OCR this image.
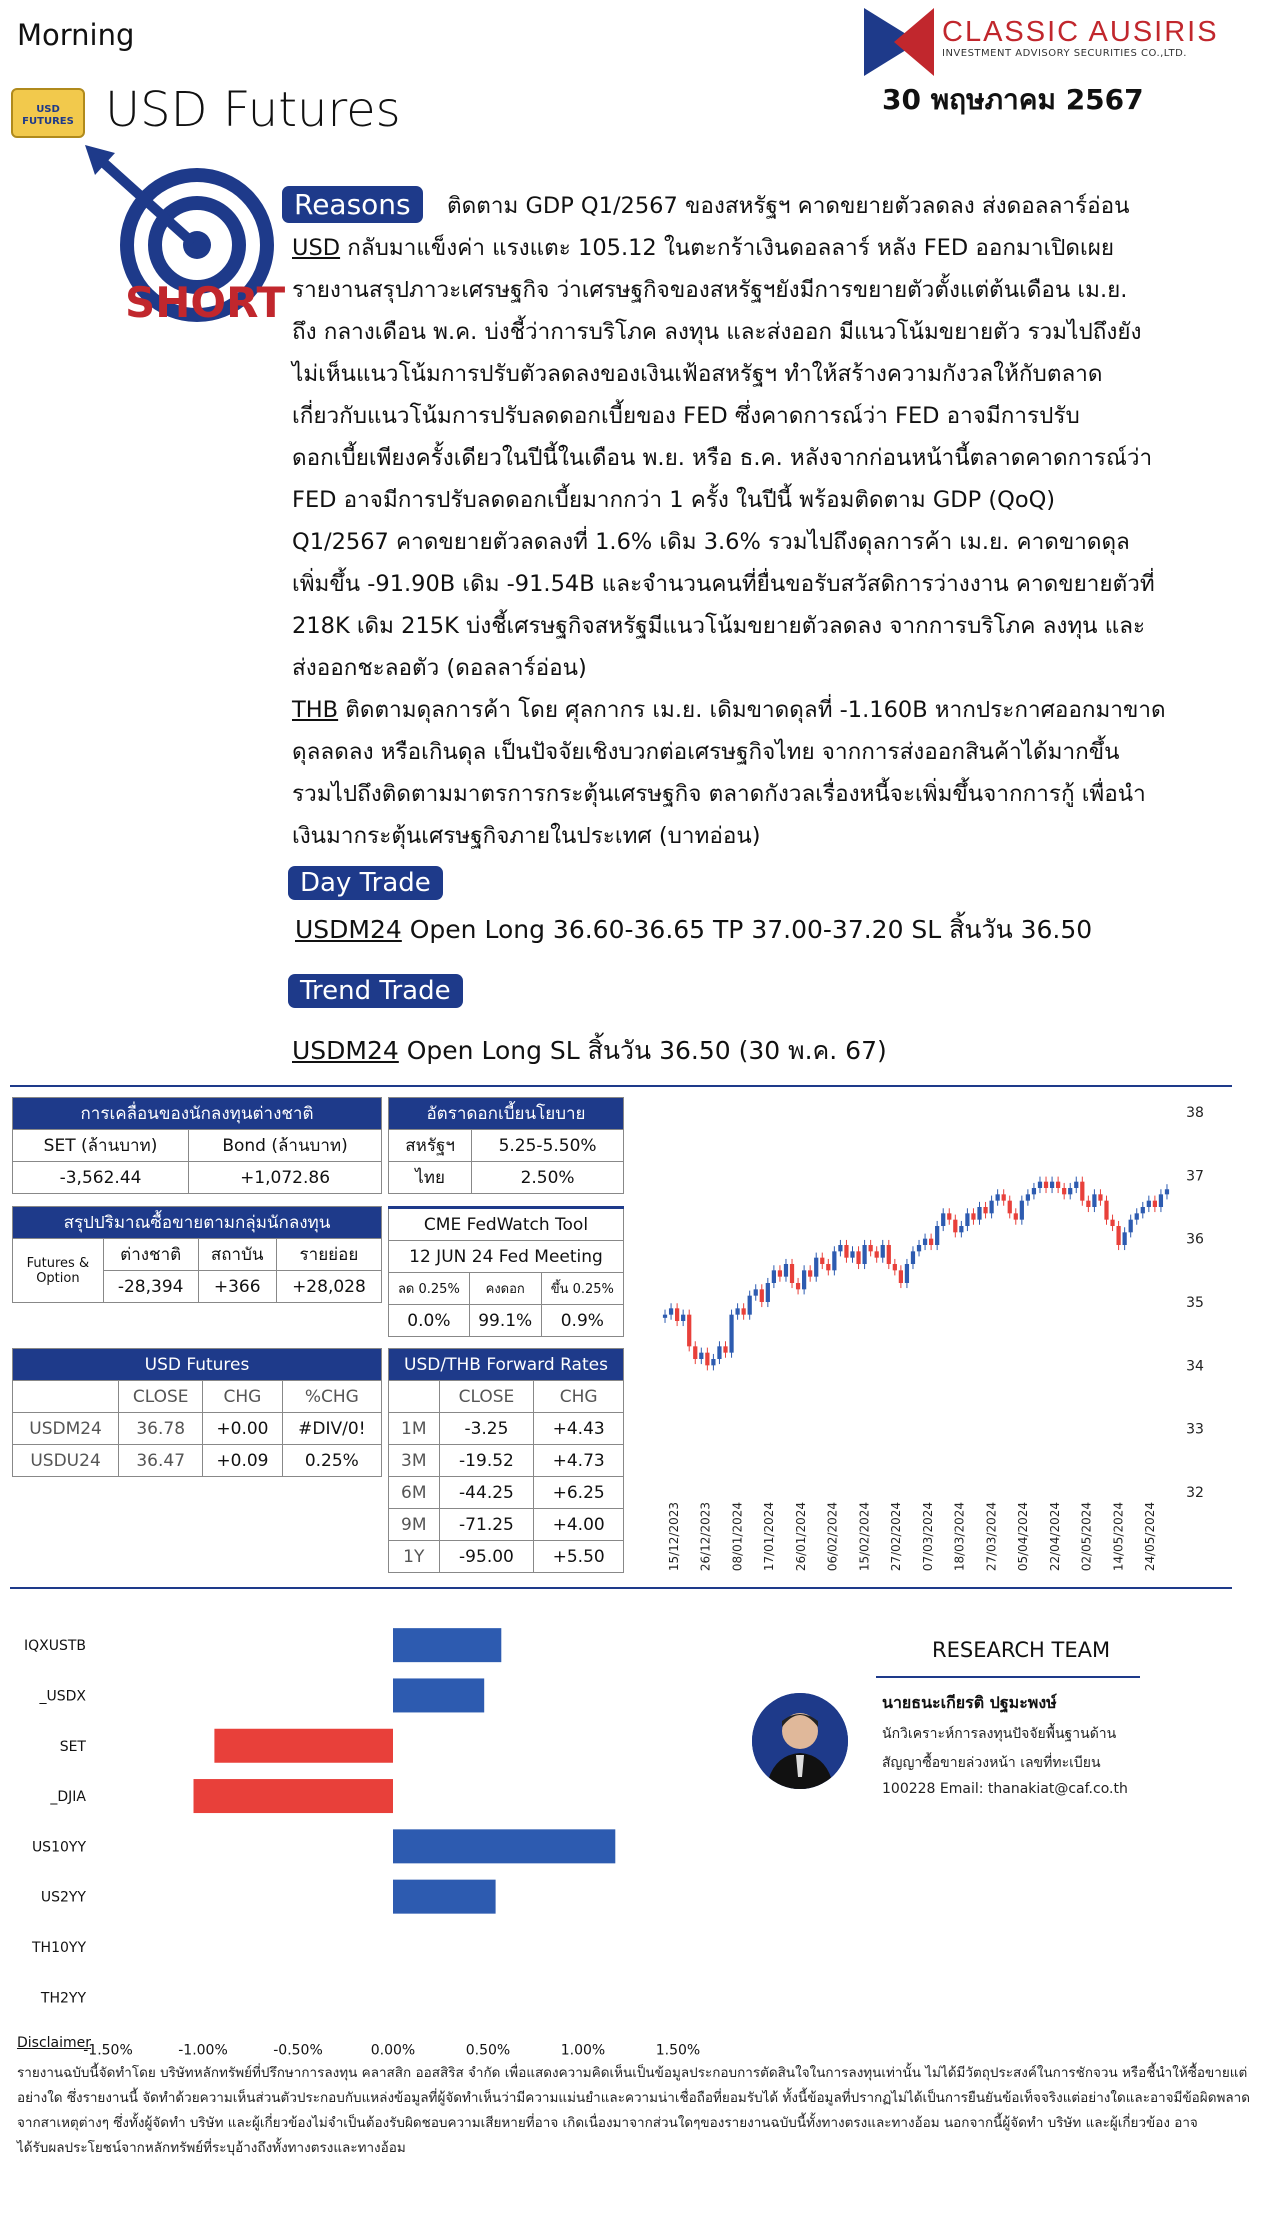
Morning	CLASSIC AUSIRIS
INVESTMENT ADVISORY SECURITIES CO.,LTD.
30 พฤษภาคม 2567
USD FUTURES USD Futures
SHORT
Reasons	ติดตาม GDP Q1/2567 ของสหรัฐฯ คาดขยายตัวลดลง ส่งดอลลาร์อ่อน
USD กลับมาแข็งค่า แรงแตะ 105.12 ในตะกร้าเงินดอลลาร์ หลัง FED ออกมาเปิดเผย
รายงานสรุปภาวะเศรษฐกิจ ว่าเศรษฐกิจของสหรัฐฯยังมีการขยายตัวตั้งแต่ต้นเดือน เม.ย.
ถึง กลางเดือน พ.ค. บ่งชี้ว่าการบริโภค ลงทุน และส่งออก มีแนวโน้มขยายตัว รวมไปถึงยัง
ไม่เห็นแนวโน้มการปรับตัวลดลงของเงินเฟ้อสหรัฐฯ ทำให้สร้างความกังวลให้กับตลาด
เกี่ยวกับแนวโน้มการปรับลดดอกเบี้ยของ FED ซึ่งคาดการณ์ว่า FED อาจมีการปรับ
ดอกเบี้ยเพียงครั้งเดียวในปีนี้ในเดือน พ.ย. หรือ ธ.ค. หลังจากก่อนหน้านี้ตลาดคาดการณ์ว่า
FED อาจมีการปรับลดดอกเบี้ยมากกว่า 1 ครั้ง ในปีนี้ พร้อมติดตาม GDP (QoQ)
Q1/2567 คาดขยายตัวลดลงที่ 1.6% เดิม 3.6% รวมไปถึงดุลการค้า เม.ย. คาดขาดดุล
เพิ่มขึ้น -91.90B เดิม -91.54B และจำนวนคนที่ยื่นขอรับสวัสดิการว่างงาน คาดขยายตัวที่
218K เดิม 215K บ่งชี้เศรษฐกิจสหรัฐมีแนวโน้มขยายตัวลดลง จากการบริโภค ลงทุน และ
ส่งออกชะลอตัว (ดอลลาร์อ่อน)
THB ติดตามดุลการค้า โดย ศุลกากร เม.ย. เดิมขาดดุลที่ -1.160B หากประกาศออกมาขาด
ดุลลดลง หรือเกินดุล เป็นปัจจัยเชิงบวกต่อเศรษฐกิจไทย จากการส่งออกสินค้าได้มากขึ้น
รวมไปถึงติดตามมาตรการกระตุ้นเศรษฐกิจ ตลาดกังวลเรื่องหนี้จะเพิ่มขึ้นจากการกู้ เพื่อนำ
เงินมากระตุ้นเศรษฐกิจภายในประเทศ (บาทอ่อน)
Day Trade
USDM24 Open Long 36.60-36.65 TP 37.00-37.20 SL สิ้นวัน 36.50
Trend Trade
USDM24 Open Long SL สิ้นวัน 36.50 (30 พ.ค. 67)
การเคลื่อนของนักลงทุนต่างชาติ	
SET (ล้านบาท)	Bond (ล้านบาท)
-3,562.44	+1,072.86
อัตราดอกเบี้ยนโยบาย	
สหรัฐฯ	5.25-5.50%
ไทย	2.50%
สรุปปริมาณซื้อขายตามกลุ่มนักลงทุน			
Futures &
Option	ต่างชาติ	สถาบัน	รายย่อย
	-28,394	+366	+28,028
CME FedWatch Tool		
12 JUN 24 Fed Meeting		
ลด 0.25%	คงดอก	ขึ้น 0.25%
0.0%	99.1%	0.9%
USD Futures			
	CLOSE	CHG	%CHG
USDM24	36.78	+0.00	#DIV/0!
USDU24	36.47	+0.09	0.25%
USD/THB Forward Rates		
	CLOSE	CHG
1M	-3.25	+4.43
3M	-19.52	+4.73
6M	-44.25	+6.25
9M	-71.25	+4.00
1Y	-95.00	+5.50
38
37
36
35
34
33
32
15/12/2023 26/12/2023 08/01/2024 17/01/2024 26/01/2024 06/02/2024 15/02/2024 27/02/2024 07/03/2024 18/03/2024 27/03/2024 05/04/2024 22/04/2024 02/05/2024 14/05/2024 24/05/2024
IQXUSTB
_USDX
SET
_DJIA
US10YY
US2YY
TH10YY
TH2YY
-1.50%	-1.00%	-0.50%	0.00%	0.50%	1.00%	1.50%
RESEARCH TEAM
นายธนะเกียรติ ปฐมะพงษ์
นักวิเคราะห์การลงทุนปัจจัยพื้นฐานด้าน
สัญญาซื้อขายล่วงหน้า เลขที่ทะเบียน
100228 Email: thanakiat@caf.co.th
Disclaimer
รายงานฉบับนี้จัดทำโดย บริษัทหลักทรัพย์ที่ปรึกษาการลงทุน คลาสสิก ออสสิริส จำกัด เพื่อแสดงความคิดเห็นเป็นข้อมูลประกอบการตัดสินใจในการลงทุนเท่านั้น ไม่ได้มีวัตถุประสงค์ในการชักจวน หรือชี้นำให้ซื้อขายแต่
อย่างใด ซึ่งรายงานนี้ จัดทำด้วยความเห็นส่วนตัวประกอบกับแหล่งข้อมูลที่ผู้จัดทำเห็นว่ามีความแม่นยำและความน่าเชื่อถือที่ยอมรับได้ ทั้งนี้ข้อมูลที่ปรากฏไม่ได้เป็นการยืนยันข้อเท็จจริงแต่อย่างใดและอาจมีข้อผิดพลาด
จากสาเหตุต่างๆ ซึ่งทั้งผู้จัดทำ บริษัท และผู้เกี่ยวข้องไม่จำเป็นต้องรับผิดชอบความเสียหายที่อาจ เกิดเนื่องมาจากส่วนใดๆของรายงานฉบับนี้ทั้งทางตรงและทางอ้อม นอกจากนี้ผู้จัดทำ บริษัท และผู้เกี่ยวข้อง อาจ
ได้รับผลประโยชน์จากหลักทรัพย์ที่ระบุอ้างถึงทั้งทางตรงและทางอ้อม
